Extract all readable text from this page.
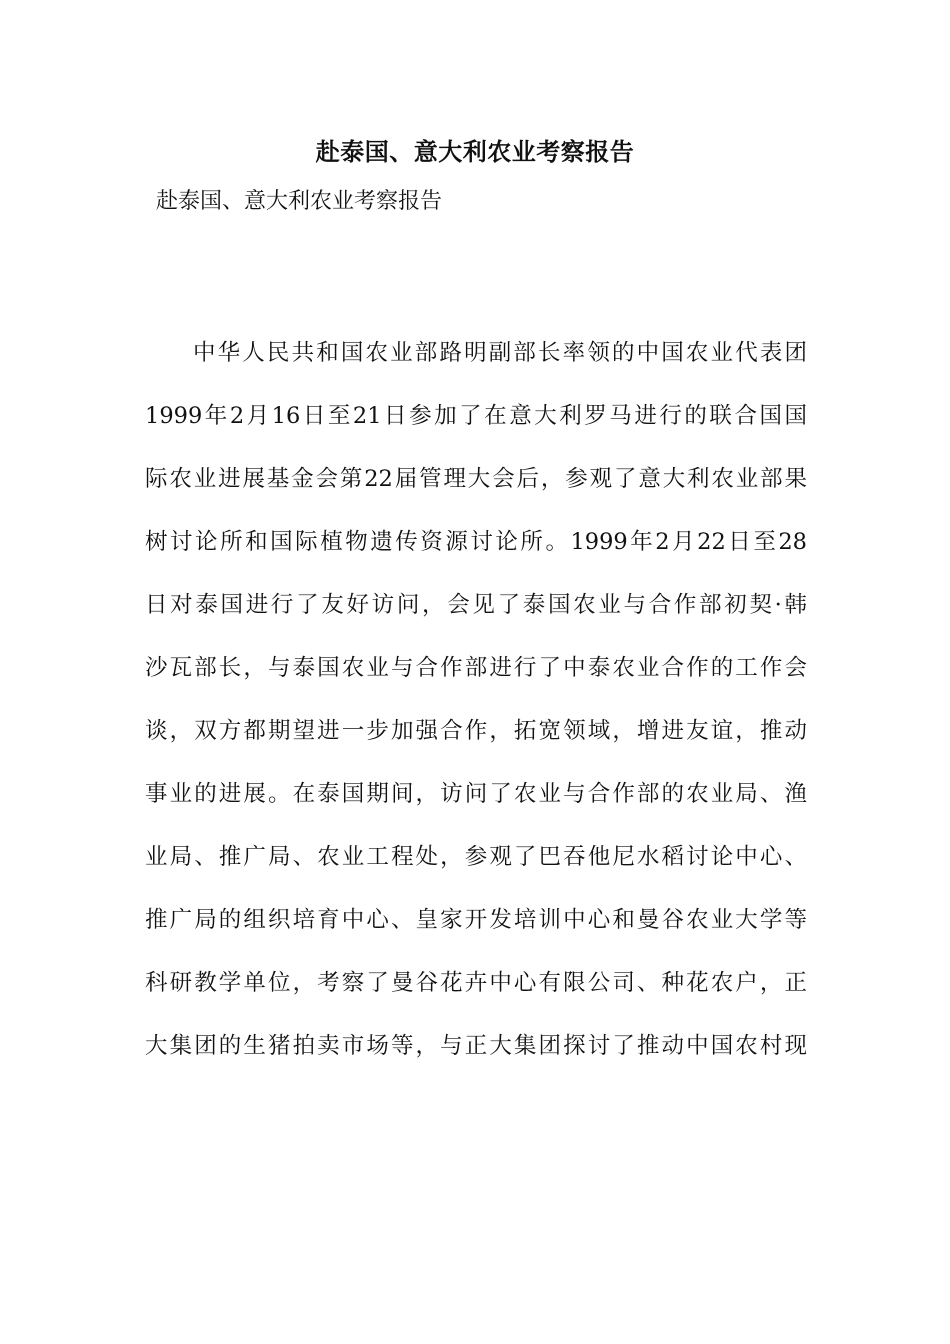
赴泰国、意大利农业考察报告

赴泰国、意大利农业考察报告

中华人民共和国农业部路明副部长率领的中国农业代表团
1999年2月16日至21日参加了在意大利罗马进行的联合国国
际农业进展基金会第22届管理大会后，参观了意大利农业部果
树讨论所和国际植物遗传资源讨论所。1999年2月22日至28
日对泰国进行了友好访问，会见了泰国农业与合作部初契·韩
沙瓦部长，与泰国农业与合作部进行了中泰农业合作的工作会
谈，双方都期望进一步加强合作，拓宽领域，增进友谊，推动
事业的进展。在泰国期间，访问了农业与合作部的农业局、渔
业局、推广局、农业工程处，参观了巴吞他尼水稻讨论中心、
推广局的组织培育中心、皇家开发培训中心和曼谷农业大学等
科研教学单位，考察了曼谷花卉中心有限公司、种花农户，正
大集团的生猪拍卖市场等，与正大集团探讨了推动中国农村现
